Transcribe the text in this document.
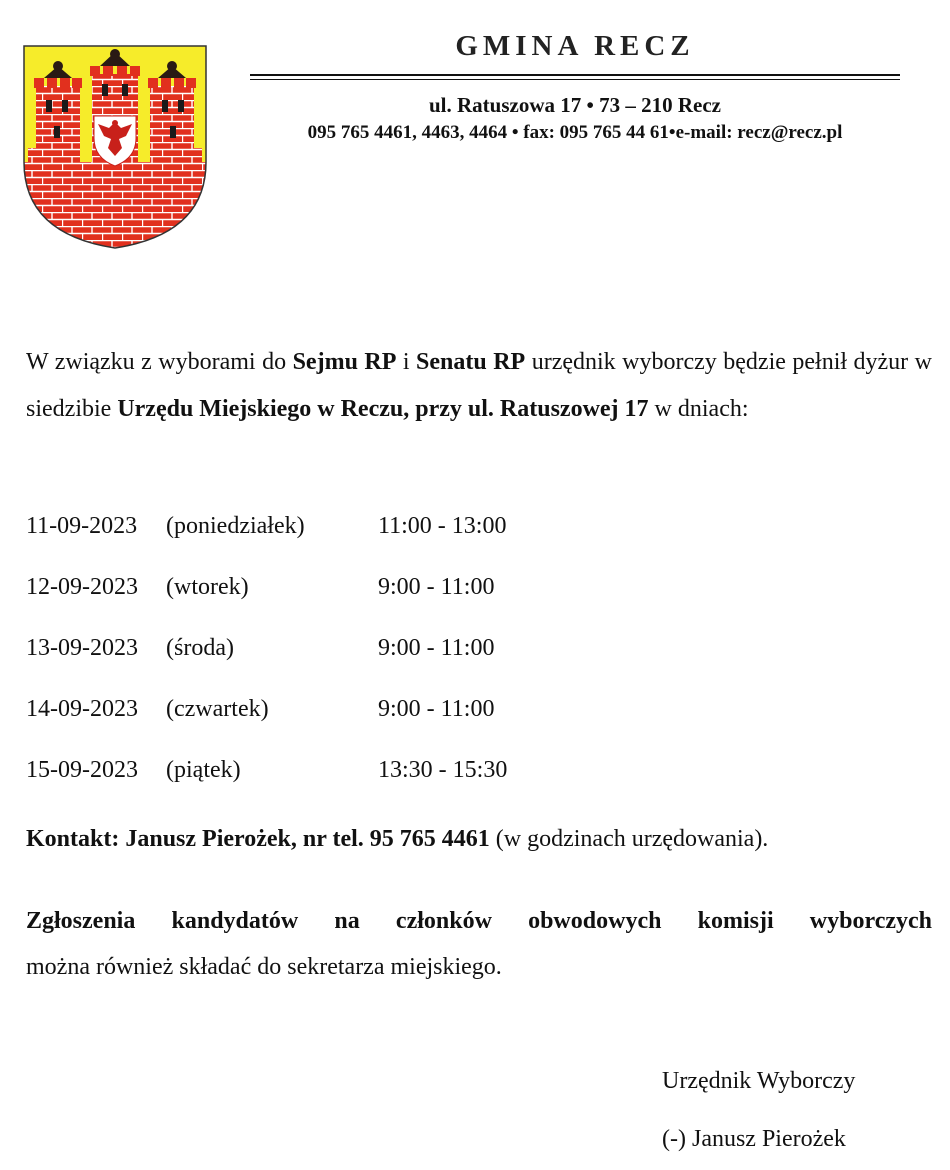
GMINA RECZ
ul. Ratuszowa 17 • 73 – 210 Recz
095 765 4461, 4463, 4464 • fax: 095 765 44 61•e-mail: recz@recz.pl
W związku z wyborami do Sejmu RP i Senatu RP urzędnik wyborczy będzie pełnił dyżur w siedzibie Urzędu Miejskiego w Reczu, przy ul. Ratuszowej 17 w dniach:
11-09-2023 (poniedziałek)	11:00 - 13:00
12-09-2023 (wtorek)	9:00 - 11:00
13-09-2023 (środa)	9:00 - 11:00
14-09-2023 (czwartek)	9:00 - 11:00
15-09-2023 (piątek)	13:30 - 15:30
Kontakt: Janusz Pierożek, nr tel. 95 765 4461 (w godzinach urzędowania).
Zgłoszenia kandydatów na członków obwodowych komisji wyborczych
można również składać do sekretarza miejskiego.
Urzędnik Wyborczy
(-) Janusz Pierożek
